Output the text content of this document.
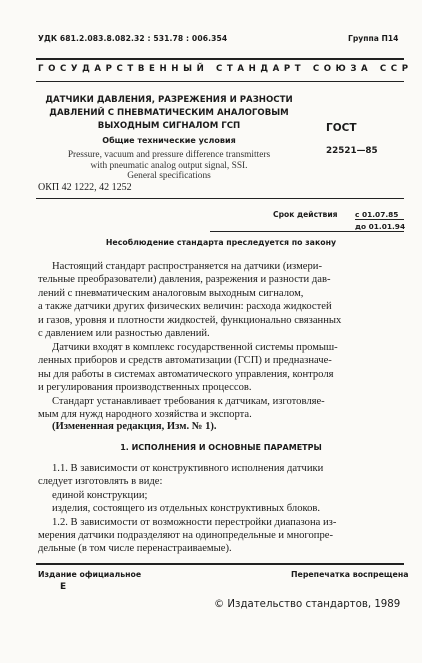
УДК 681.2.083.8.082.32 : 531.78 : 006.354	Группа П14
ГОСУДАРСТВЕННЫЙ СТАНДАРТ СОЮЗА ССР
ДАТЧИКИ ДАВЛЕНИЯ, РАЗРЕЖЕНИЯ И РАЗНОСТИ
ДАВЛЕНИЙ С ПНЕВМАТИЧЕСКИМ АНАЛОГОВЫМ
ВЫХОДНЫМ СИГНАЛОМ ГСП
Общие технические условия
Pressure, vacuum and pressure difference transmitters
with pneumatic analog output signal, SSI.
General specifications
ОКП 42 1222, 42 1252
ГОСТ
22521—85
Срок действия с 01.07.85
до 01.01.94
Несоблюдение стандарта преследуется по закону
Настоящий стандарт распространяется на датчики (измери-
тельные преобразователи) давления, разрежения и разности дав-
лений с пневматическим аналоговым выходным сигналом,
а также датчики других физических величин: расхода жидкостей
и газов, уровня и плотности жидкостей, функционально связанных
с давлением или разностью давлений.
Датчики входят в комплекс государственной системы промыш-
ленных приборов и средств автоматизации (ГСП) и предназначе-
ны для работы в системах автоматического управления, контроля
и регулирования производственных процессов.
Стандарт устанавливает требования к датчикам, изготовляе-
мым для нужд народного хозяйства и экспорта.
(Измененная редакция, Изм. № 1).
1. ИСПОЛНЕНИЯ И ОСНОВНЫЕ ПАРАМЕТРЫ
1.1. В зависимости от конструктивного исполнения датчики
следует изготовлять в виде:
единой конструкции;
изделия, состоящего из отдельных конструктивных блоков.
1.2. В зависимости от возможности перестройки диапазона из-
мерения датчики подразделяют на одинопредельные и многопре-
дельные (в том числе перенастраиваемые).
Издание официальное	Перепечатка воспрещена
Е
© Издательство стандартов, 1989
